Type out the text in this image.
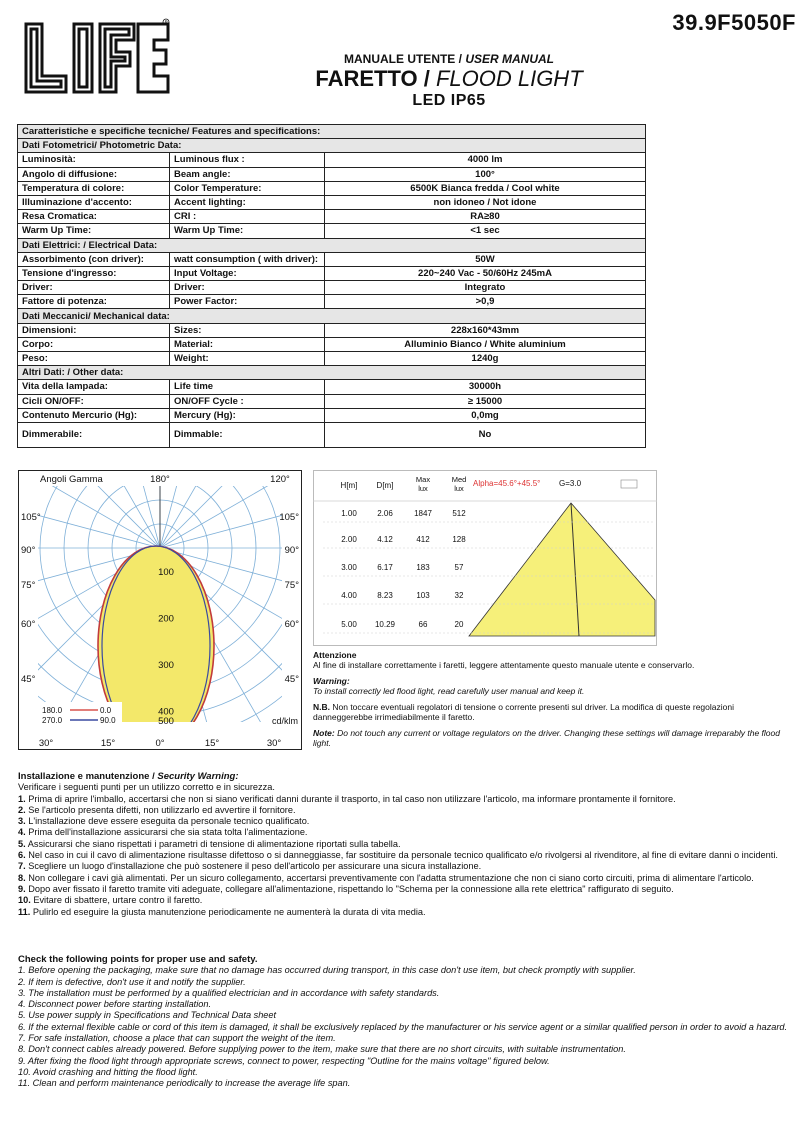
R	39.9F5050F
MANUALE UTENTE / USER MANUAL
FARETTO / FLOOD LIGHT
LED IP65
Caratteristiche e specifiche tecniche/ Features and specifications:		
Dati Fotometrici/ Photometric Data:		
Luminosità:	Luminous flux :	4000 lm
Angolo di diffusione:	Beam angle:	100°
Temperatura di colore:	Color Temperature:	6500K Bianca fredda / Cool white
Illuminazione d'accento:	Accent lighting:	non idoneo / Not idone
Resa Cromatica:	CRI :	RA≥80
Warm Up Time:	Warm Up Time:	<1 sec
Dati Elettrici: / Electrical Data:		
Assorbimento (con driver):	watt consumption ( with driver):	50W
Tensione d'ingresso:	Input Voltage:	220~240 Vac - 50/60Hz 245mA
Driver:	Driver:	Integrato
Fattore di potenza:	Power Factor:	>0,9
Dati Meccanici/ Mechanical data:		
Dimensioni:	Sizes:	228x160*43mm
Corpo:	Material:	Alluminio Bianco / White aluminium
Peso:	Weight:	1240g
Altri Dati: / Other data:		
Vita della lampada:	Life time	30000h
Cicli ON/OFF:	ON/OFF Cycle :	≥ 15000
Contenuto Mercurio (Hg):	Mercury (Hg):	0,0mg
Dimmerabile:	Dimmable:	No
Angoli Gamma	180°	120°
105°
90°
75°
60°
45°
105°
90°
75°
60°
45°
30°	15°	0°	15°	30°
100
200
300
400
500	cd/klm
180.0	0.0
270.0	90.0
H[m] D[m]
Max
lux
Med
lux
Alpha=45.6°+45.5° G=3.0
1.00	2.06	1847	512
2.00	4.12	412	128
3.00	6.17	183	57
4.00	8.23	103	32
5.00 10.29	66	20

Attenzione
Al fine di installare correttamente i faretti, leggere attentamente questo manuale utente e conservarlo.

Warning:
To install correctly led flood light, read carefully user manual and keep it.

N.B. Non toccare eventuali regolatori di tensione o corrente presenti sul driver. La modifica di queste regolazioni danneggerebbe irrimediabilmente il faretto.

Note: Do not touch any current or voltage regulators on the driver. Changing these settings will damage irreparably the flood light.

Installazione e manutenzione / Security Warning:

Verificare i seguenti punti per un utilizzo corretto e in sicurezza.

1. Prima di aprire l'imballo, accertarsi che non si siano verificati danni durante il trasporto, in tal caso non utilizzare l'articolo, ma informare prontamente il fornitore.

2. Se l'articolo presenta difetti, non utilizzarlo ed avvertire il fornitore.

3. L'installazione deve essere eseguita da personale tecnico qualificato.

4. Prima dell'installazione assicurarsi che sia stata tolta l'alimentazione.

5. Assicurarsi che siano rispettati i parametri di tensione di alimentazione riportati sulla tabella.

6. Nel caso in cui il cavo di alimentazione risultasse difettoso o si danneggiasse, far sostituire da personale tecnico qualificato e/o rivolgersi al rivenditore, al fine di evitare danni o incidenti.

7. Scegliere un luogo d'installazione che può sostenere il peso dell'articolo per assicurare una sicura installazione.

8. Non collegare i cavi già alimentati. Per un sicuro collegamento, accertarsi preventivamente con l'adatta strumentazione che non ci siano corto circuiti, prima di alimentare l'articolo.

9. Dopo aver fissato il faretto tramite viti adeguate, collegare all'alimentazione, rispettando lo "Schema per la connessione alla rete elettrica" raffigurato di seguito.

10. Evitare di sbattere, urtare contro il faretto.

11. Pulirlo ed eseguire la giusta manutenzione periodicamente ne aumenterà la durata di vita media.

Check the following points for proper use and safety.

1. Before opening the packaging, make sure that no damage has occurred during transport, in this case don't use item, but check promptly with supplier.

2. If item is defective, don't use it and notify the supplier.

3. The installation must be performed by a qualified electrician and in accordance with safety standards.

4. Disconnect power before starting installation.

5. Use power supply in Specifications and Technical Data sheet

6. If the external flexible cable or cord of this item is damaged, it shall be exclusively replaced by the manufacturer or his service agent or a similar qualified person in order to avoid a hazard.

7. For safe installation, choose a place that can support the weight of the item.

8. Don't connect cables already powered. Before supplying power to the item, make sure that there are no short circuits, with suitable instrumentation.

9. After fixing the flood light through appropriate screws, connect to power, respecting "Outline for the mains voltage" figured below.

10. Avoid crashing and hitting the flood light.

11. Clean and perform maintenance periodically to increase the average life span.
